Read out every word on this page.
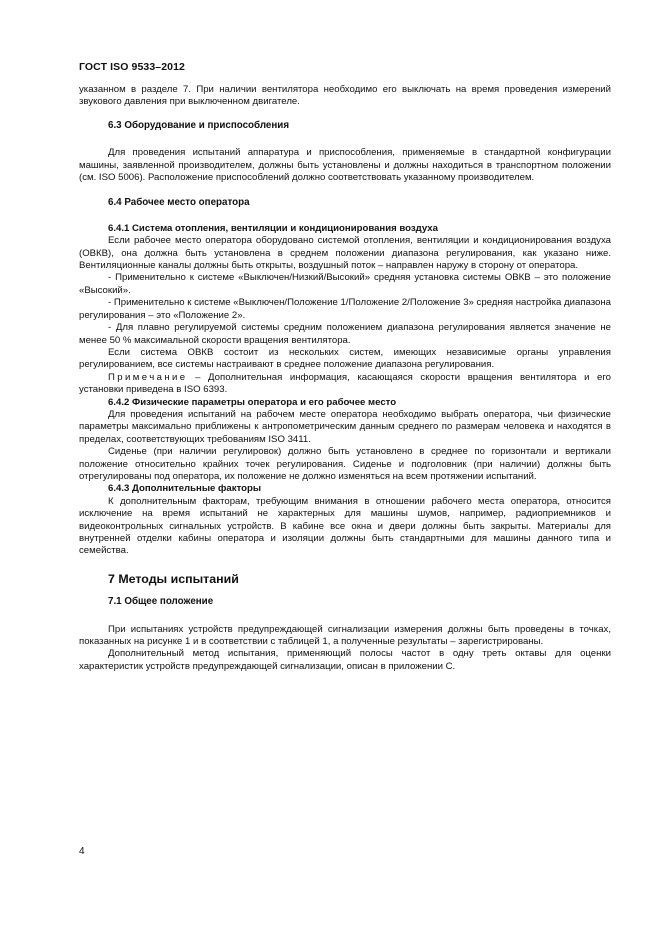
ГОСТ ISO 9533–2012

указанном в разделе 7. При наличии вентилятора необходимо его выключать на время проведения измерений звукового давления при выключенном двигателе.

6.3 Оборудование и приспособления

Для проведения испытаний аппаратура и приспособления, применяемые в стандартной конфигурации машины, заявленной производителем, должны быть установлены и должны находиться в транспортном положении (см. ISO 5006). Расположение приспособлений должно соответствовать указанному производителем.

6.4 Рабочее место оператора

6.4.1 Система отопления, вентиляции и кондиционирования воздуха

Если рабочее место оператора оборудовано системой отопления, вентиляции и кондиционирования воздуха (ОВКВ), она должна быть установлена в среднем положении диапазона регулирования, как указано ниже. Вентиляционные каналы должны быть открыты, воздушный поток – направлен наружу в сторону от оператора.

- Применительно к системе «Выключен/Низкий/Высокий» средняя установка системы ОВКВ – это положение «Высокий».

- Применительно к системе «Выключен/Положение 1/Положение 2/Положение 3» средняя настройка диапазона регулирования – это «Положение 2».

- Для плавно регулируемой системы средним положением диапазона регулирования является значение не менее 50 % максимальной скорости вращения вентилятора.

Если система ОВКВ состоит из нескольких систем, имеющих независимые органы управления регулированием, все системы настраивают в среднее положение диапазона регулирования.

Примечание – Дополнительная информация, касающаяся скорости вращения вентилятора и его установки приведена в ISO 6393.

6.4.2 Физические параметры оператора и его рабочее место

Для проведения испытаний на рабочем месте оператора необходимо выбрать оператора, чьи физические параметры максимально приближены к антропометрическим данным среднего по размерам человека и находятся в пределах, соответствующих требованиям ISO 3411.

Сиденье (при наличии регулировок) должно быть установлено в среднее по горизонтали и вертикали положение относительно крайних точек регулирования. Сиденье и подголовник (при наличии) должны быть отрегулированы под оператора, их положение не должно изменяться на всем протяжении испытаний.

6.4.3 Дополнительные факторы

К дополнительным факторам, требующим внимания в отношении рабочего места оператора, относится исключение на время испытаний не характерных для машины шумов, например, радиоприемников и видеоконтрольных сигнальных устройств. В кабине все окна и двери должны быть закрыты. Материалы для внутренней отделки кабины оператора и изоляции должны быть стандартными для машины данного типа и семейства.

7 Методы испытаний

7.1 Общее положение

При испытаниях устройств предупреждающей сигнализации измерения должны быть проведены в точках, показанных на рисунке 1 и в соответствии с таблицей 1, а полученные результаты – зарегистрированы.

Дополнительный метод испытания, применяющий полосы частот в одну треть октавы для оценки характеристик устройств предупреждающей сигнализации, описан в приложении С.

4
